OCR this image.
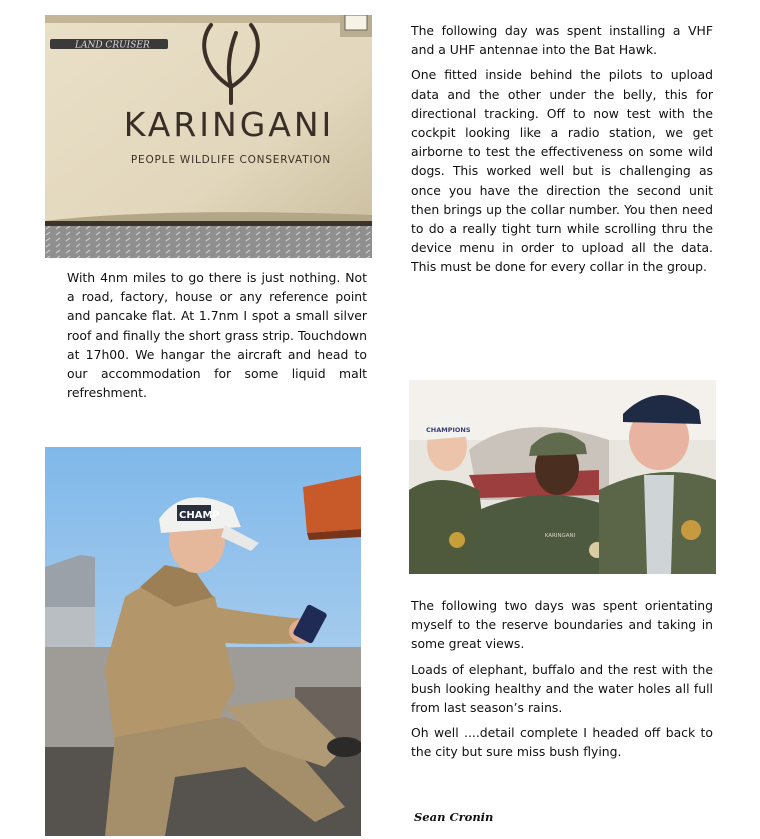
LAND CRUISER
KARINGANI
PEOPLE WILDLIFE CONSERVATION
CHAMP
CHAMPIONS
KARINGANI

With 4nm miles to go there is just nothing. Not a road, factory, house or any reference point and pancake flat. At 1.7nm I spot a small silver roof and finally the short grass strip. Touchdown at 17h00. We hangar the aircraft and head to our accommodation for some liquid malt refreshment.

The following day was spent installing a VHF and a UHF antennae into the Bat Hawk.

One fitted inside behind the pilots to upload data and the other under the belly, this for directional tracking. Off to now test with the cockpit looking like a radio station, we get airborne to test the effectiveness on some wild dogs. This worked well but is challenging as once you have the direction the second unit then brings up the collar number. You then need to do a really tight turn while scrolling thru the device menu in order to upload all the data. This must be done for every collar in the group.

The following two days was spent orientating myself to the reserve boundaries and taking in some great views.

Loads of elephant, buffalo and the rest with the bush looking healthy and the water holes all full from last season’s rains.

Oh well ....detail complete I headed off back to the city but sure miss bush flying.

Sean Cronin
